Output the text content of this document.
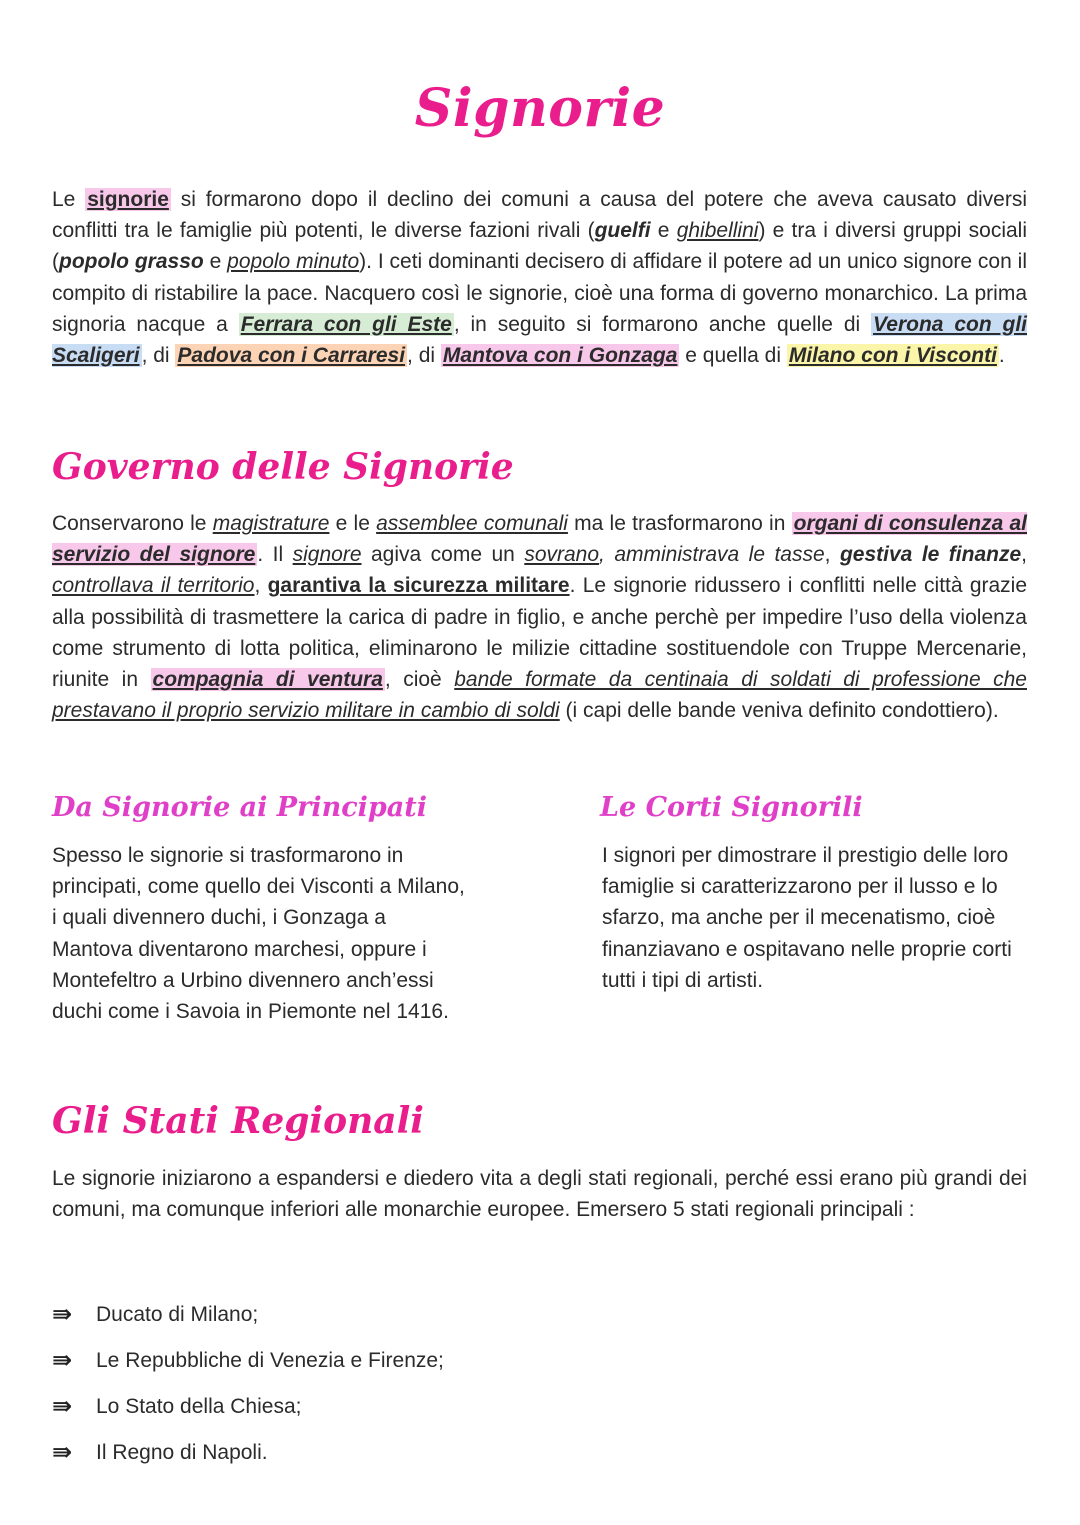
Signorie

Le signorie si formarono dopo il declino dei comuni a causa del potere che aveva causato diversi conflitti tra le famiglie più potenti, le diverse fazioni rivali (guelfi e ghibellini) e tra i diversi gruppi sociali (popolo grasso e popolo minuto). I ceti dominanti decisero di affidare il potere ad un unico signore con il compito di ristabilire la pace. Nacquero così le signorie, cioè una forma di governo monarchico. La prima signoria nacque a Ferrara con gli Este, in seguito si formarono anche quelle di Verona con gli Scaligeri, di Padova con i Carraresi, di Mantova con i Gonzaga e quella di Milano con i Visconti.

Governo delle Signorie

Conservarono le magistrature e le assemblee comunali ma le trasformarono in organi di consulenza al servizio del signore. Il signore agiva come un sovrano, amministrava le tasse, gestiva le finanze, controllava il territorio, garantiva la sicurezza militare. Le signorie ridussero i conflitti nelle città grazie alla possibilità di trasmettere la carica di padre in figlio, e anche perchè per impedire l’uso della violenza come strumento di lotta politica, eliminarono le milizie cittadine sostituendole con Truppe Mercenarie, riunite in compagnia di ventura, cioè bande formate da centinaia di soldati di professione che prestavano il proprio servizio militare in cambio di soldi (i capi delle bande veniva definito condottiero).

Da Signorie ai Principati

Spesso le signorie si trasformarono in principati, come quello dei Visconti a Milano, i quali divennero duchi, i Gonzaga a Mantova diventarono marchesi, oppure i Montefeltro a Urbino divennero anch’essi duchi come i Savoia in Piemonte nel 1416.

Le Corti Signorili

I signori per dimostrare il prestigio delle loro famiglie si caratterizzarono per il lusso e lo sfarzo, ma anche per il mecenatismo, cioè finanziavano e ospitavano nelle proprie corti tutti i tipi di artisti.

Gli Stati Regionali

Le signorie iniziarono a espandersi e diedero vita a degli stati regionali, perché essi erano più grandi dei comuni, ma comunque inferiori alle monarchie europee. Emersero 5 stati regionali principali :

⇛	Ducato di Milano;
⇛	Le Repubbliche di Venezia e Firenze;
⇛	Lo Stato della Chiesa;
⇛	Il Regno di Napoli.
